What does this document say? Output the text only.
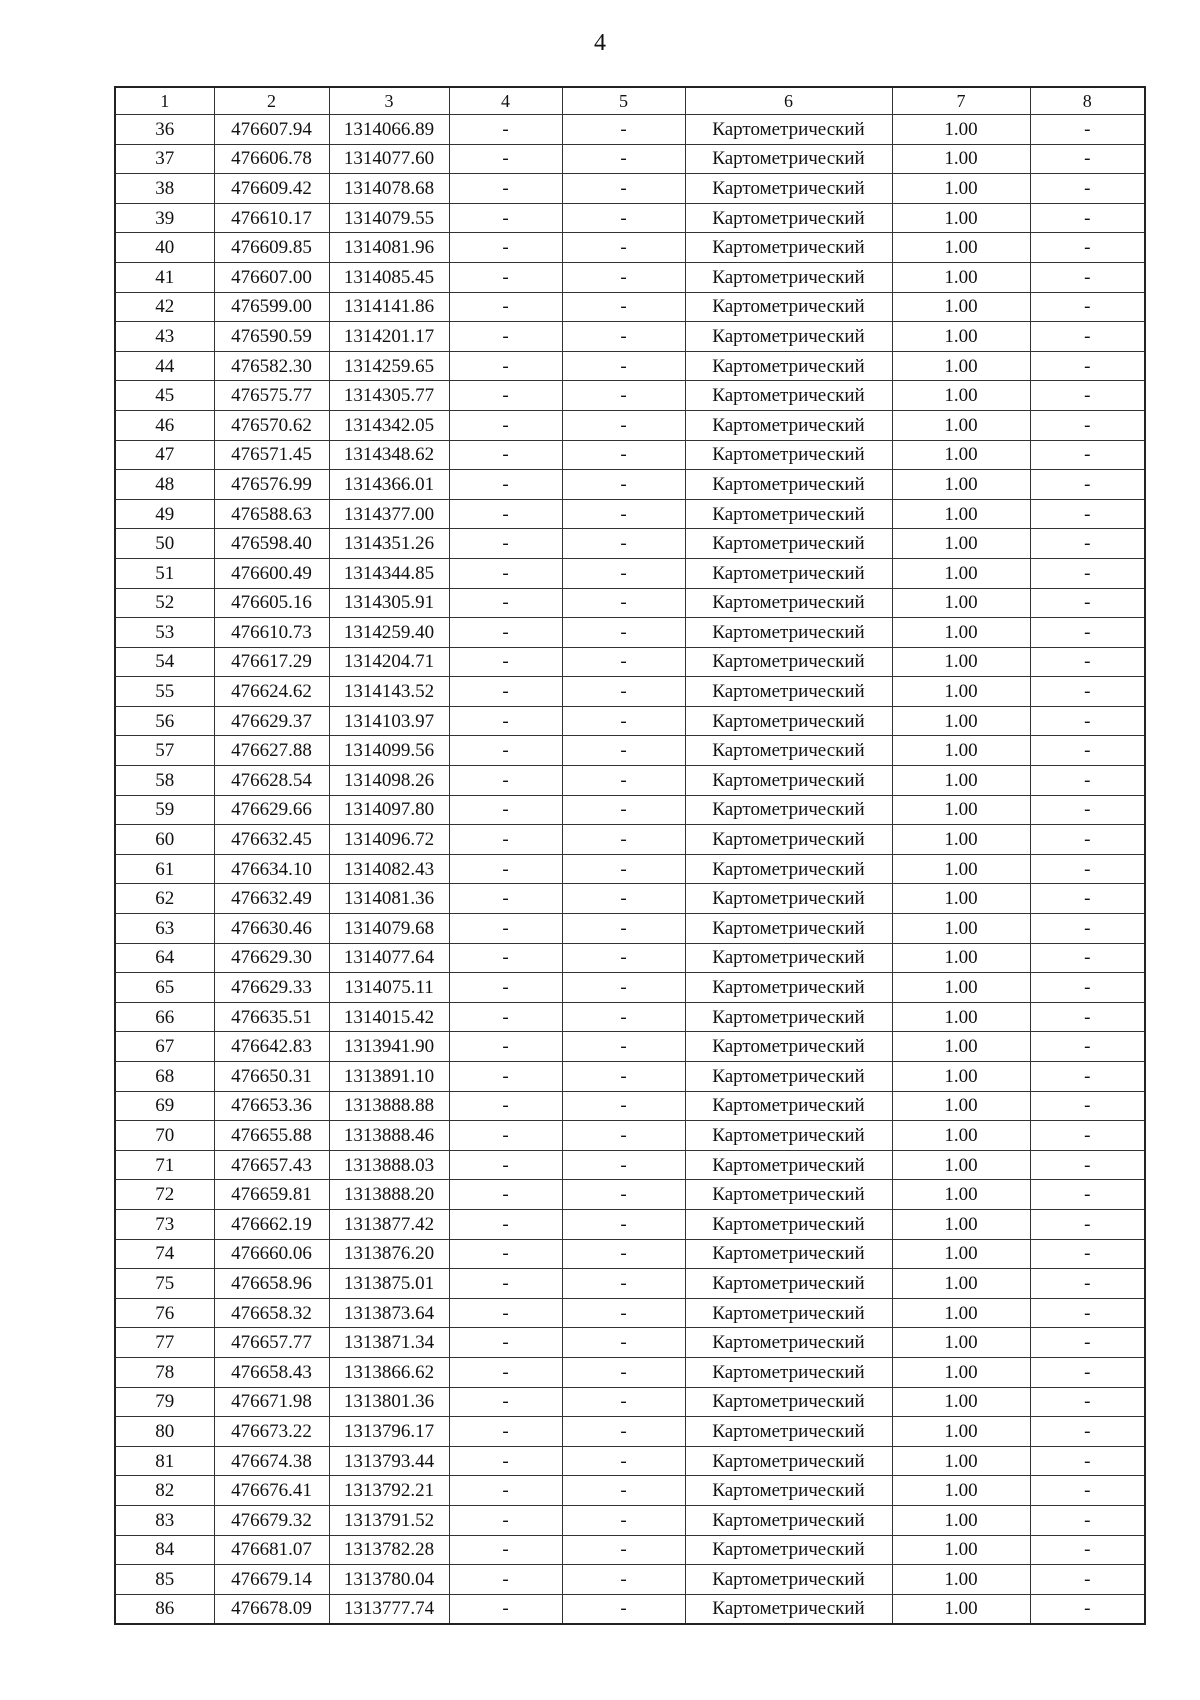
4
1	2	3	4	5	6	7	8
36	476607.94	1314066.89	-	-	Картометрический	1.00	-
37	476606.78	1314077.60	-	-	Картометрический	1.00	-
38	476609.42	1314078.68	-	-	Картометрический	1.00	-
39	476610.17	1314079.55	-	-	Картометрический	1.00	-
40	476609.85	1314081.96	-	-	Картометрический	1.00	-
41	476607.00	1314085.45	-	-	Картометрический	1.00	-
42	476599.00	1314141.86	-	-	Картометрический	1.00	-
43	476590.59	1314201.17	-	-	Картометрический	1.00	-
44	476582.30	1314259.65	-	-	Картометрический	1.00	-
45	476575.77	1314305.77	-	-	Картометрический	1.00	-
46	476570.62	1314342.05	-	-	Картометрический	1.00	-
47	476571.45	1314348.62	-	-	Картометрический	1.00	-
48	476576.99	1314366.01	-	-	Картометрический	1.00	-
49	476588.63	1314377.00	-	-	Картометрический	1.00	-
50	476598.40	1314351.26	-	-	Картометрический	1.00	-
51	476600.49	1314344.85	-	-	Картометрический	1.00	-
52	476605.16	1314305.91	-	-	Картометрический	1.00	-
53	476610.73	1314259.40	-	-	Картометрический	1.00	-
54	476617.29	1314204.71	-	-	Картометрический	1.00	-
55	476624.62	1314143.52	-	-	Картометрический	1.00	-
56	476629.37	1314103.97	-	-	Картометрический	1.00	-
57	476627.88	1314099.56	-	-	Картометрический	1.00	-
58	476628.54	1314098.26	-	-	Картометрический	1.00	-
59	476629.66	1314097.80	-	-	Картометрический	1.00	-
60	476632.45	1314096.72	-	-	Картометрический	1.00	-
61	476634.10	1314082.43	-	-	Картометрический	1.00	-
62	476632.49	1314081.36	-	-	Картометрический	1.00	-
63	476630.46	1314079.68	-	-	Картометрический	1.00	-
64	476629.30	1314077.64	-	-	Картометрический	1.00	-
65	476629.33	1314075.11	-	-	Картометрический	1.00	-
66	476635.51	1314015.42	-	-	Картометрический	1.00	-
67	476642.83	1313941.90	-	-	Картометрический	1.00	-
68	476650.31	1313891.10	-	-	Картометрический	1.00	-
69	476653.36	1313888.88	-	-	Картометрический	1.00	-
70	476655.88	1313888.46	-	-	Картометрический	1.00	-
71	476657.43	1313888.03	-	-	Картометрический	1.00	-
72	476659.81	1313888.20	-	-	Картометрический	1.00	-
73	476662.19	1313877.42	-	-	Картометрический	1.00	-
74	476660.06	1313876.20	-	-	Картометрический	1.00	-
75	476658.96	1313875.01	-	-	Картометрический	1.00	-
76	476658.32	1313873.64	-	-	Картометрический	1.00	-
77	476657.77	1313871.34	-	-	Картометрический	1.00	-
78	476658.43	1313866.62	-	-	Картометрический	1.00	-
79	476671.98	1313801.36	-	-	Картометрический	1.00	-
80	476673.22	1313796.17	-	-	Картометрический	1.00	-
81	476674.38	1313793.44	-	-	Картометрический	1.00	-
82	476676.41	1313792.21	-	-	Картометрический	1.00	-
83	476679.32	1313791.52	-	-	Картометрический	1.00	-
84	476681.07	1313782.28	-	-	Картометрический	1.00	-
85	476679.14	1313780.04	-	-	Картометрический	1.00	-
86	476678.09	1313777.74	-	-	Картометрический	1.00	-
